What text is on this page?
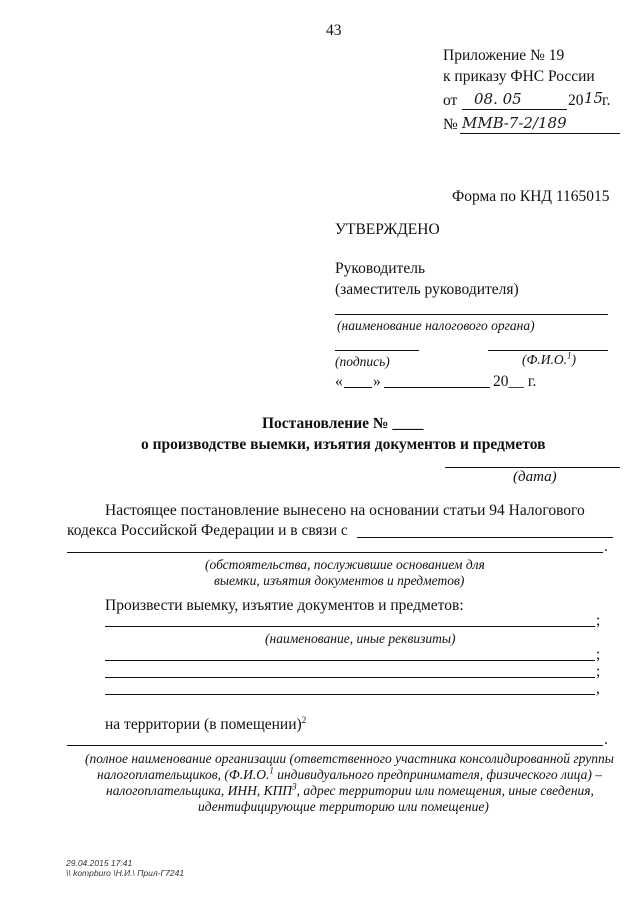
43
Приложение № 19
к приказу ФНС России
от 08. 05	20 15
г.
№ ММВ-7-2/189
Форма по КНД 1165015
УТВЕРЖДЕНО
Руководитель
(заместитель руководителя)
(наименование налогового органа)
(подпись)	(Ф.И.О.$^1$)
« »	20__ г.
Постановление № ____
о производстве выемки, изъятия документов и предметов
(дата)
Настоящее постановление вынесено на основании статьи 94 Налогового
кодекса Российской Федерации и в связи с
.
(обстоятельства, послужившие основанием для
выемки, изъятия документов и предметов)
Произвести выемку, изъятие документов и предметов:
;
(наименование, иные реквизиты)
;
;
,
на территории (в помещении)$^2$
.
(полное наименование организации (ответственного участника консолидированной группы
налогоплательщиков, (Ф.И.О.$^1$ индивидуального предпринимателя, физического лица) –
налогоплательщика, ИНН, КПП$^3$, адрес территории или помещения, иные сведения,
идентифицирующие территорию или помещение)
29.04.2015 17:41
\\ kompburo \Н.И.\ Прил-Г7241
